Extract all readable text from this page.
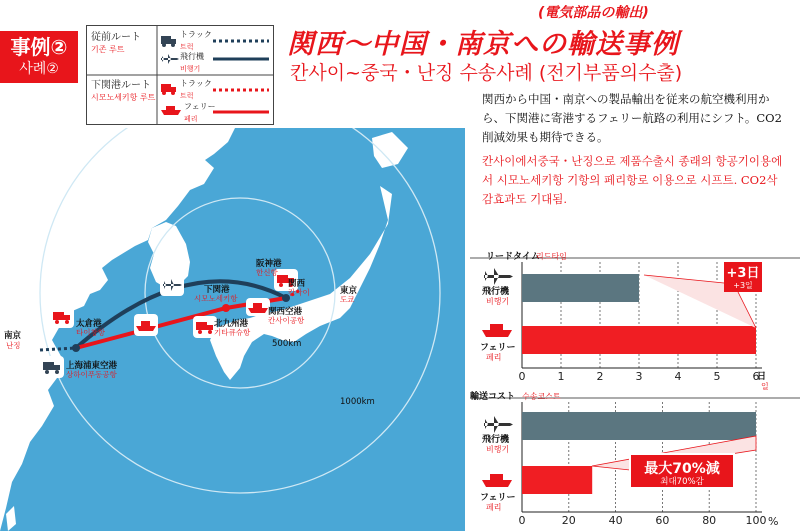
事例②
사례②
従前ルート
기존 루트
下関港ルート
시모노세키항 루트
トラック
트럭
飛行機
비행기
トラック
트럭
フェリー
페리
(電気部品の輸出)
関西〜中国・南京への輸送事例
칸사이~중국・난징 수송사례 (전기부품의수출)
関西から中国・南京への製品輸出を従来の航空機利用から、下関港に寄港するフェリー航路の利用にシフト。CO2削減効果も期待できる。
칸사이에서중국・난징으로 제품수출시 종래의 항공기이용에서 시모노세키항 기항의 페리항로 이용으로 시프트. CO2삭감효과도 기대됨.
南京
난징
太倉港
타이창항
上海浦東空港
상하이푸동공항
下関港
시모노세키항
北九州港
기타큐슈항
阪神港
한신항
関西
칸사이
関西空港
칸사이공항
東京
도쿄
500km
1000km
リードタイム
리드타임
0	1	2	3	4	5	6
日
일
飛行機
비행기
フェリー
페리
+3日
+3일
輸送コスト 수송코스트
0	20	40	60	80	100 %
飛行機
비행기
フェリー
페리
最大70%減
최대70%감
